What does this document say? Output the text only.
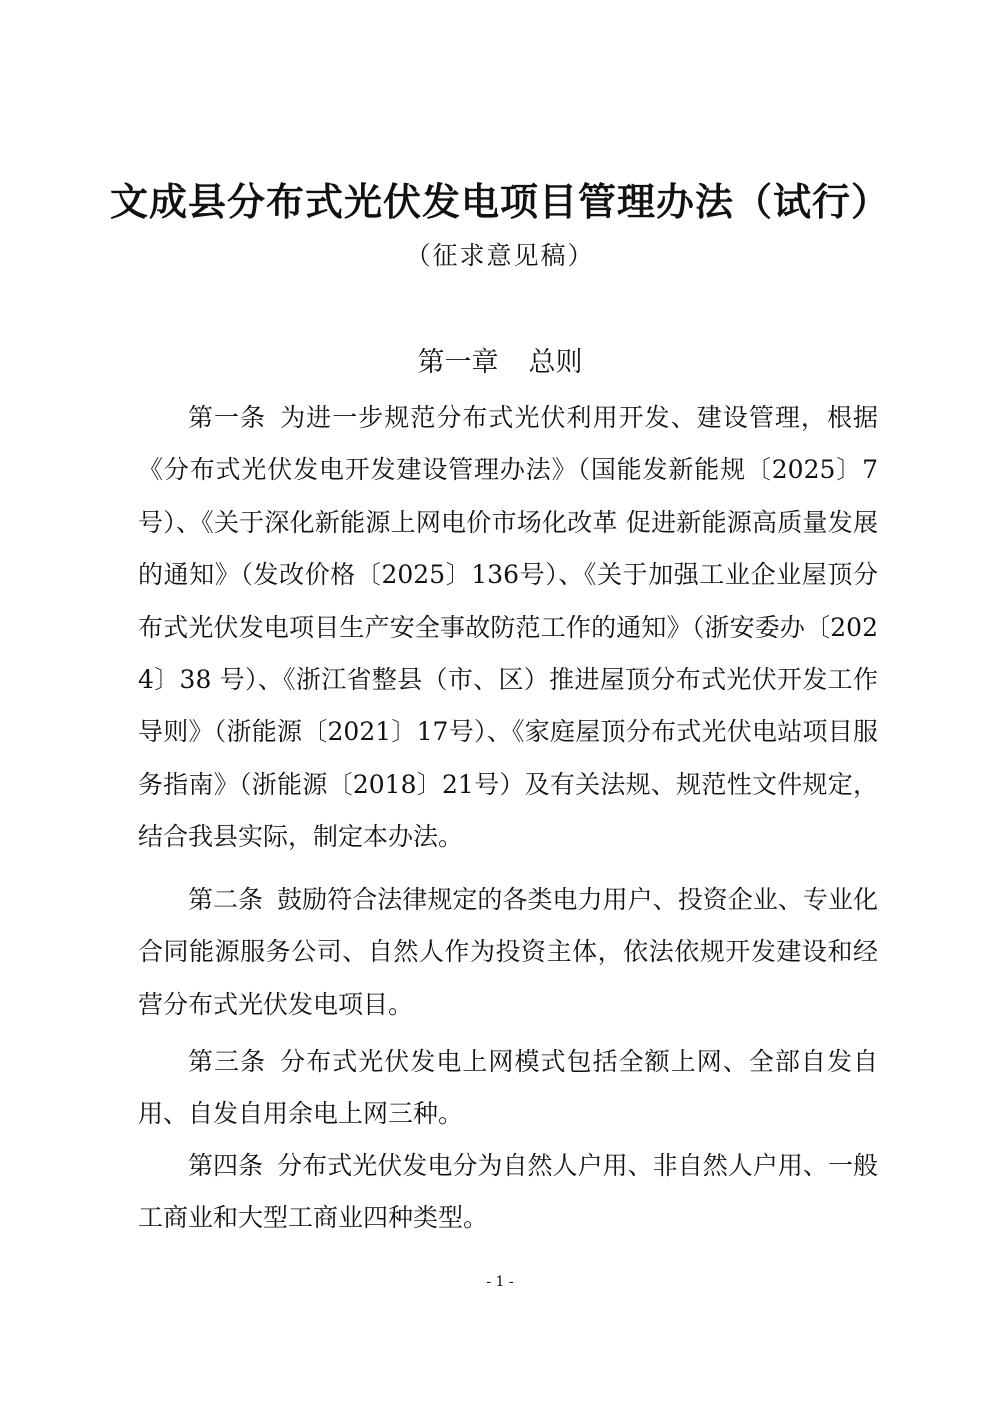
文成县分布式光伏发电项目管理办法（试行）
（征求意见稿）
第一章 总则
第一条 为进一步规范分布式光伏利用开发、建设管理，根据《分布式光伏发电开发建设管理办法》（国能发新能规〔2025〕7号）、《关于深化新能源上网电价市场化改革 促进新能源高质量发展的通知》（发改价格〔2025〕136号）、《关于加强工业企业屋顶分布式光伏发电项目生产安全事故防范工作的通知》（浙安委办〔2024〕38 号）、《浙江省整县（市、区）推进屋顶分布式光伏开发工作导则》（浙能源〔2021〕17号）、《家庭屋顶分布式光伏电站项目服务指南》（浙能源〔2018〕21号）及有关法规、规范性文件规定，结合我县实际，制定本办法。
第二条 鼓励符合法律规定的各类电力用户、投资企业、专业化合同能源服务公司、自然人作为投资主体，依法依规开发建设和经营分布式光伏发电项目。
第三条 分布式光伏发电上网模式包括全额上网、全部自发自用、自发自用余电上网三种。
第四条 分布式光伏发电分为自然人户用、非自然人户用、一般工商业和大型工商业四种类型。
- 1 -
